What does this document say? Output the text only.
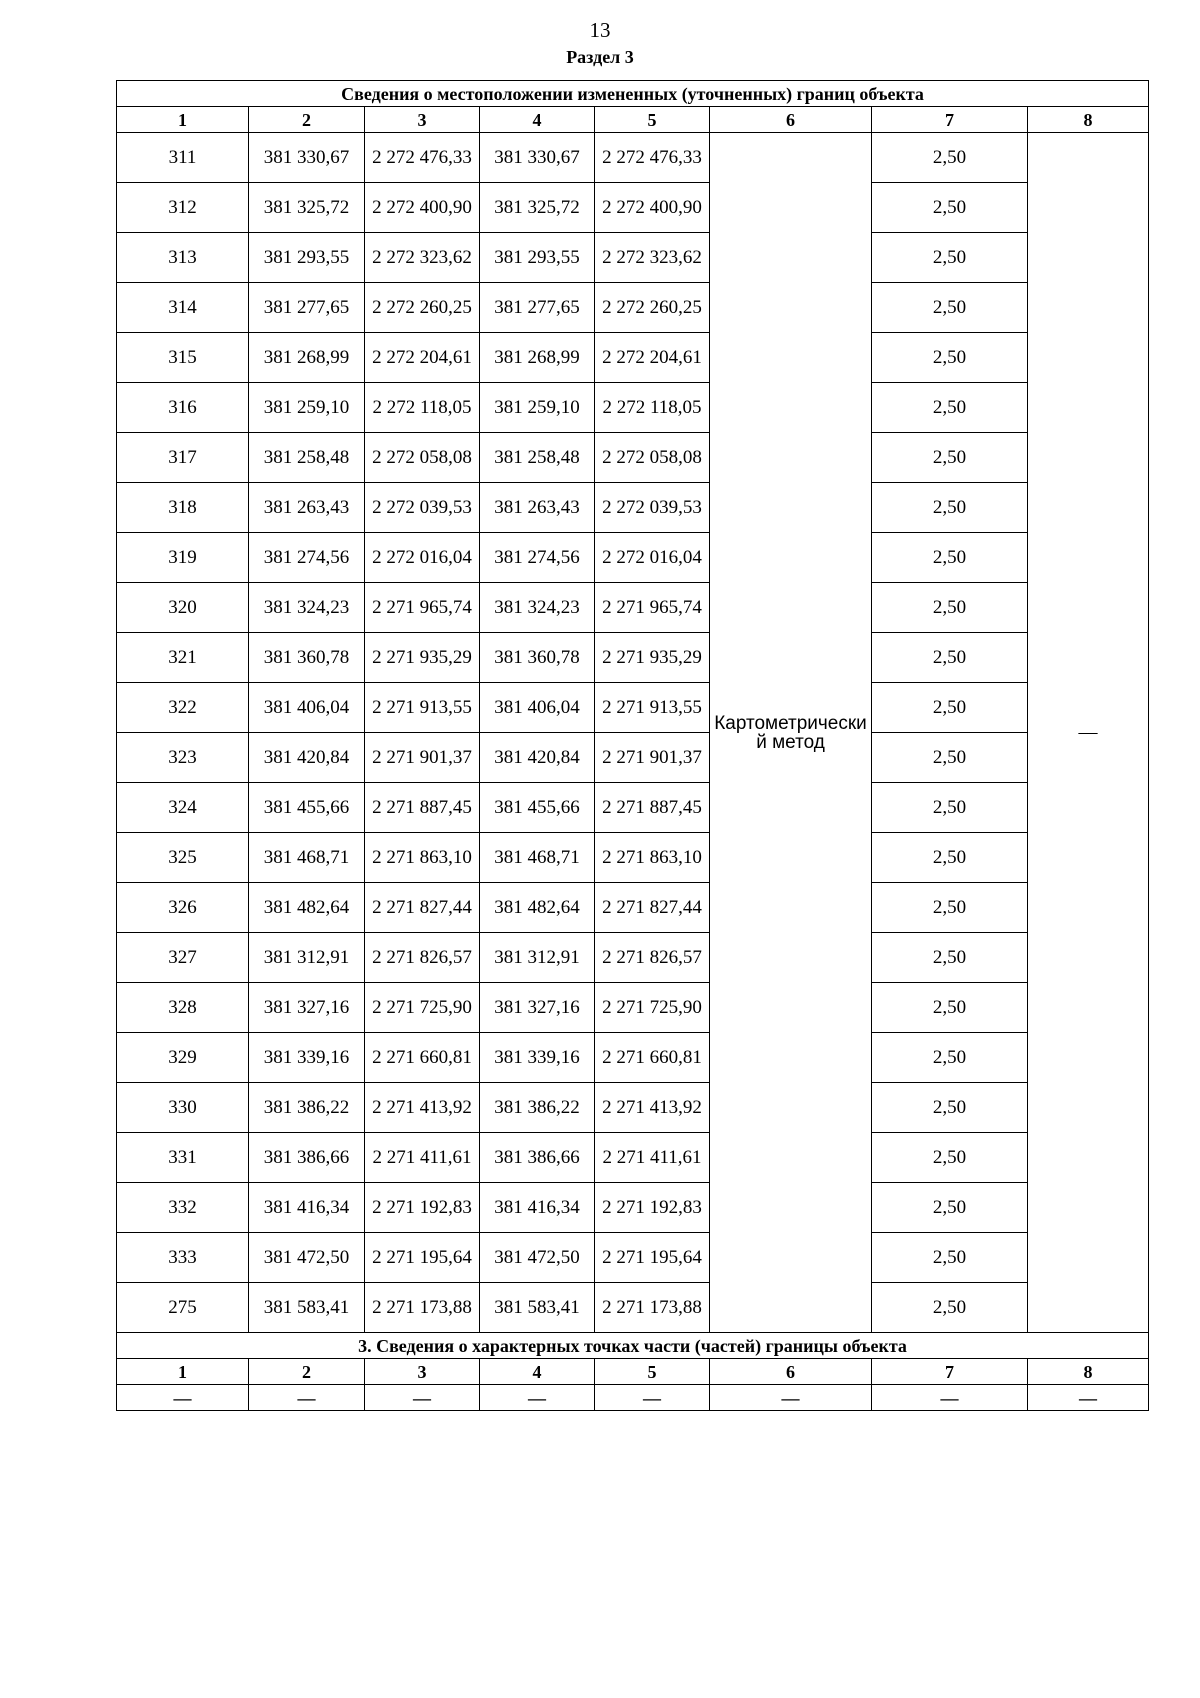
13
Раздел 3
Сведения о местоположении измененных (уточненных) границ объекта							
1	2	3	4	5	6	7	8
311	381 330,67	2 272 476,33	381 330,67	2 272 476,33	Картометрически й метод	2,50	—
312	381 325,72	2 272 400,90	381 325,72	2 272 400,90		2,50	
313	381 293,55	2 272 323,62	381 293,55	2 272 323,62		2,50	
314	381 277,65	2 272 260,25	381 277,65	2 272 260,25		2,50	
315	381 268,99	2 272 204,61	381 268,99	2 272 204,61		2,50	
316	381 259,10	2 272 118,05	381 259,10	2 272 118,05		2,50	
317	381 258,48	2 272 058,08	381 258,48	2 272 058,08		2,50	
318	381 263,43	2 272 039,53	381 263,43	2 272 039,53		2,50	
319	381 274,56	2 272 016,04	381 274,56	2 272 016,04		2,50	
320	381 324,23	2 271 965,74	381 324,23	2 271 965,74		2,50	
321	381 360,78	2 271 935,29	381 360,78	2 271 935,29		2,50	
322	381 406,04	2 271 913,55	381 406,04	2 271 913,55		2,50	
323	381 420,84	2 271 901,37	381 420,84	2 271 901,37		2,50	
324	381 455,66	2 271 887,45	381 455,66	2 271 887,45		2,50	
325	381 468,71	2 271 863,10	381 468,71	2 271 863,10		2,50	
326	381 482,64	2 271 827,44	381 482,64	2 271 827,44		2,50	
327	381 312,91	2 271 826,57	381 312,91	2 271 826,57		2,50	
328	381 327,16	2 271 725,90	381 327,16	2 271 725,90		2,50	
329	381 339,16	2 271 660,81	381 339,16	2 271 660,81		2,50	
330	381 386,22	2 271 413,92	381 386,22	2 271 413,92		2,50	
331	381 386,66	2 271 411,61	381 386,66	2 271 411,61		2,50	
332	381 416,34	2 271 192,83	381 416,34	2 271 192,83		2,50	
333	381 472,50	2 271 195,64	381 472,50	2 271 195,64		2,50	
275	381 583,41	2 271 173,88	381 583,41	2 271 173,88		2,50	
3. Сведения о характерных точках части (частей) границы объекта							
1	2	3	4	5	6	7	8
—	—	—	—	—	—	—	—
